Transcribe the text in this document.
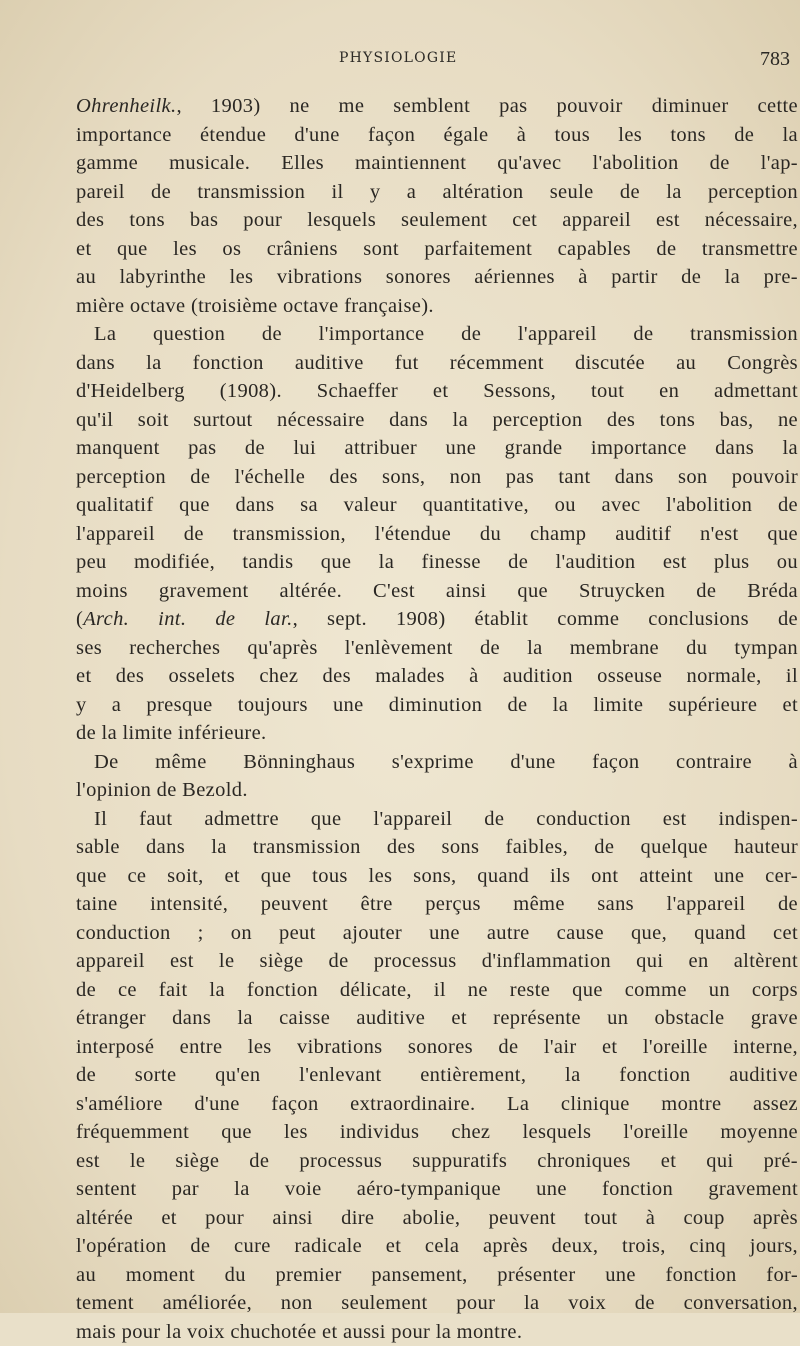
PHYSIOLOGIE	783
Ohrenheilk., 1903) ne me semblent pas pouvoir diminuer cette
importance étendue d'une façon égale à tous les tons de la
gamme musicale. Elles maintiennent qu'avec l'abolition de l'ap-
pareil de transmission il y a altération seule de la perception
des tons bas pour lesquels seulement cet appareil est nécessaire,
et que les os crâniens sont parfaitement capables de transmettre
au labyrinthe les vibrations sonores aériennes à partir de la pre-
mière octave (troisième octave française).
La question de l'importance de l'appareil de transmission
dans la fonction auditive fut récemment discutée au Congrès
d'Heidelberg (1908). Schaeffer et Sessons, tout en admettant
qu'il soit surtout nécessaire dans la perception des tons bas, ne
manquent pas de lui attribuer une grande importance dans la
perception de l'échelle des sons, non pas tant dans son pouvoir
qualitatif que dans sa valeur quantitative, ou avec l'abolition de
l'appareil de transmission, l'étendue du champ auditif n'est que
peu modifiée, tandis que la finesse de l'audition est plus ou
moins gravement altérée. C'est ainsi que Struycken de Bréda
(Arch. int. de lar., sept. 1908) établit comme conclusions de
ses recherches qu'après l'enlèvement de la membrane du tympan
et des osselets chez des malades à audition osseuse normale, il
y a presque toujours une diminution de la limite supérieure et
de la limite inférieure.
De même Bönninghaus s'exprime d'une façon contraire à
l'opinion de Bezold.
Il faut admettre que l'appareil de conduction est indispen-
sable dans la transmission des sons faibles, de quelque hauteur
que ce soit, et que tous les sons, quand ils ont atteint une cer-
taine intensité, peuvent être perçus même sans l'appareil de
conduction ; on peut ajouter une autre cause que, quand cet
appareil est le siège de processus d'inflammation qui en altèrent
de ce fait la fonction délicate, il ne reste que comme un corps
étranger dans la caisse auditive et représente un obstacle grave
interposé entre les vibrations sonores de l'air et l'oreille interne,
de sorte qu'en l'enlevant entièrement, la fonction auditive
s'améliore d'une façon extraordinaire. La clinique montre assez
fréquemment que les individus chez lesquels l'oreille moyenne
est le siège de processus suppuratifs chroniques et qui pré-
sentent par la voie aéro-tympanique une fonction gravement
altérée et pour ainsi dire abolie, peuvent tout à coup après
l'opération de cure radicale et cela après deux, trois, cinq jours,
au moment du premier pansement, présenter une fonction for-
tement améliorée, non seulement pour la voix de conversation,
mais pour la voix chuchotée et aussi pour la montre.
